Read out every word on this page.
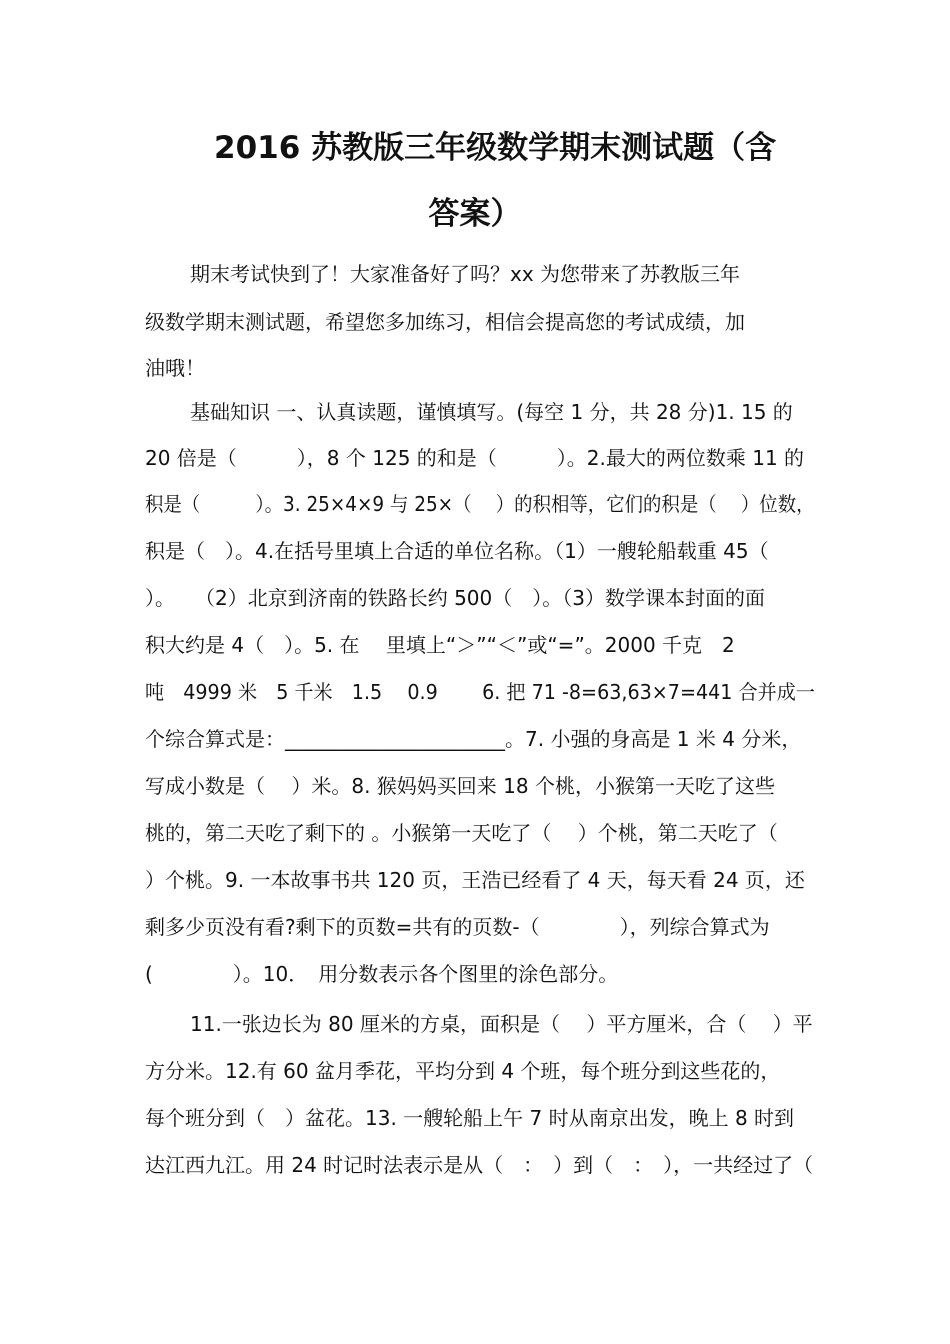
2016 苏教版三年级数学期末测试题（含
答案）
期末考试快到了！大家准备好了吗？xx 为您带来了苏教版三年
级数学期末测试题，希望您多加练习，相信会提高您的考试成绩，加
油哦！
基础知识 一、认真读题，谨慎填写。(每空 1 分，共 28 分)1. 15 的
20 倍是（　　　），8 个 125 的和是（　　　）。2.最大的两位数乘 11 的
积是（　　　）。3. 25×4×9 与 25×（　 ）的积相等，它们的积是（　 ）位数，
积是（　）。4.在括号里填上合适的单位名称。（1）一艘轮船载重 45（
）。　　（2）北京到济南的铁路长约 500（　）。（3）数学课本封面的面
积大约是 4（　）。5. 在　 里填上“＞”“＜”或“=”。2000 千克　2
吨　4999 米　5 千米　1.5　 0.9　　 6. 把 71 -8=63,63×7=441 合并成一
个综合算式是：______________________。7. 小强的身高是 1 米 4 分米，
写成小数是（　 ）米。8. 猴妈妈买回来 18 个桃，小猴第一天吃了这些
桃的，第二天吃了剩下的 。小猴第一天吃了（　 ）个桃，第二天吃了（
）个桃。9. 一本故事书共 120 页，王浩已经看了 4 天，每天看 24 页，还
剩多少页没有看?剩下的页数=共有的页数-（　　　　），列综合算式为
(　　　　）。10．　用分数表示各个图里的涂色部分。
11.一张边长为 80 厘米的方桌，面积是（　 ）平方厘米，合（　 ）平
方分米。12.有 60 盆月季花，平均分到 4 个班，每个班分到这些花的，
每个班分到（　）盆花。13. 一艘轮船上午 7 时从南京出发，晚上 8 时到
达江西九江。用 24 时记时法表示是从（　：　）到（　：　），一共经过了（
